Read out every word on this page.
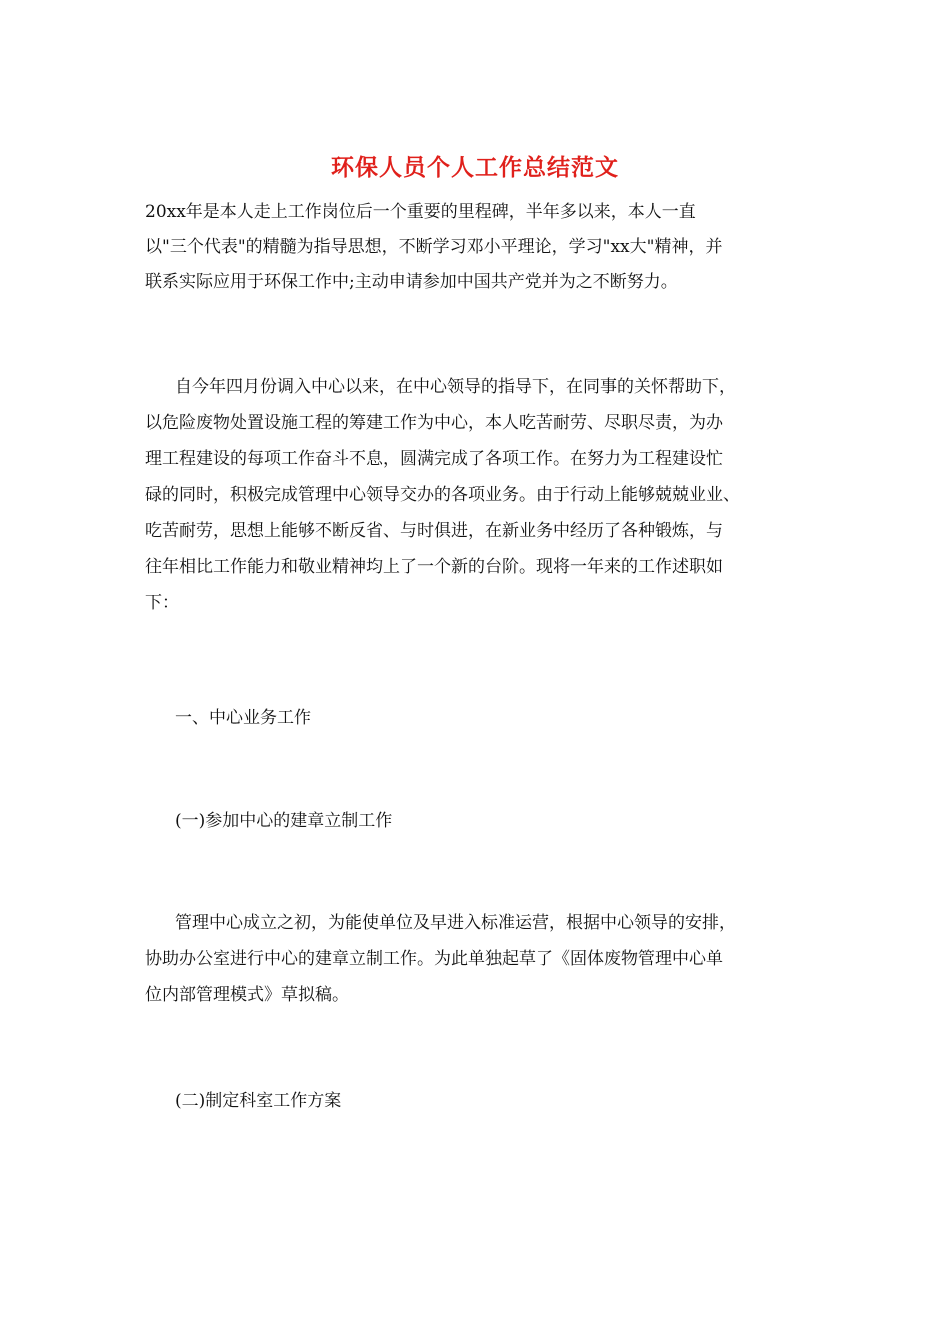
环保人员个人工作总结范文

20xx年是本人走上工作岗位后一个重要的里程碑，半年多以来，本人一直

以"三个代表"的精髓为指导思想，不断学习邓小平理论，学习"xx大"精神，并

联系实际应用于环保工作中;主动申请参加中国共产党并为之不断努力。

自今年四月份调入中心以来，在中心领导的指导下，在同事的关怀帮助下，

以危险废物处置设施工程的筹建工作为中心，本人吃苦耐劳、尽职尽责，为办

理工程建设的每项工作奋斗不息，圆满完成了各项工作。在努力为工程建设忙

碌的同时，积极完成管理中心领导交办的各项业务。由于行动上能够兢兢业业、

吃苦耐劳，思想上能够不断反省、与时俱进，在新业务中经历了各种锻炼，与

往年相比工作能力和敬业精神均上了一个新的台阶。现将一年来的工作述职如

下：

一、中心业务工作

(一)参加中心的建章立制工作

管理中心成立之初，为能使单位及早进入标准运营，根据中心领导的安排，

协助办公室进行中心的建章立制工作。为此单独起草了《固体废物管理中心单

位内部管理模式》草拟稿。

(二)制定科室工作方案
